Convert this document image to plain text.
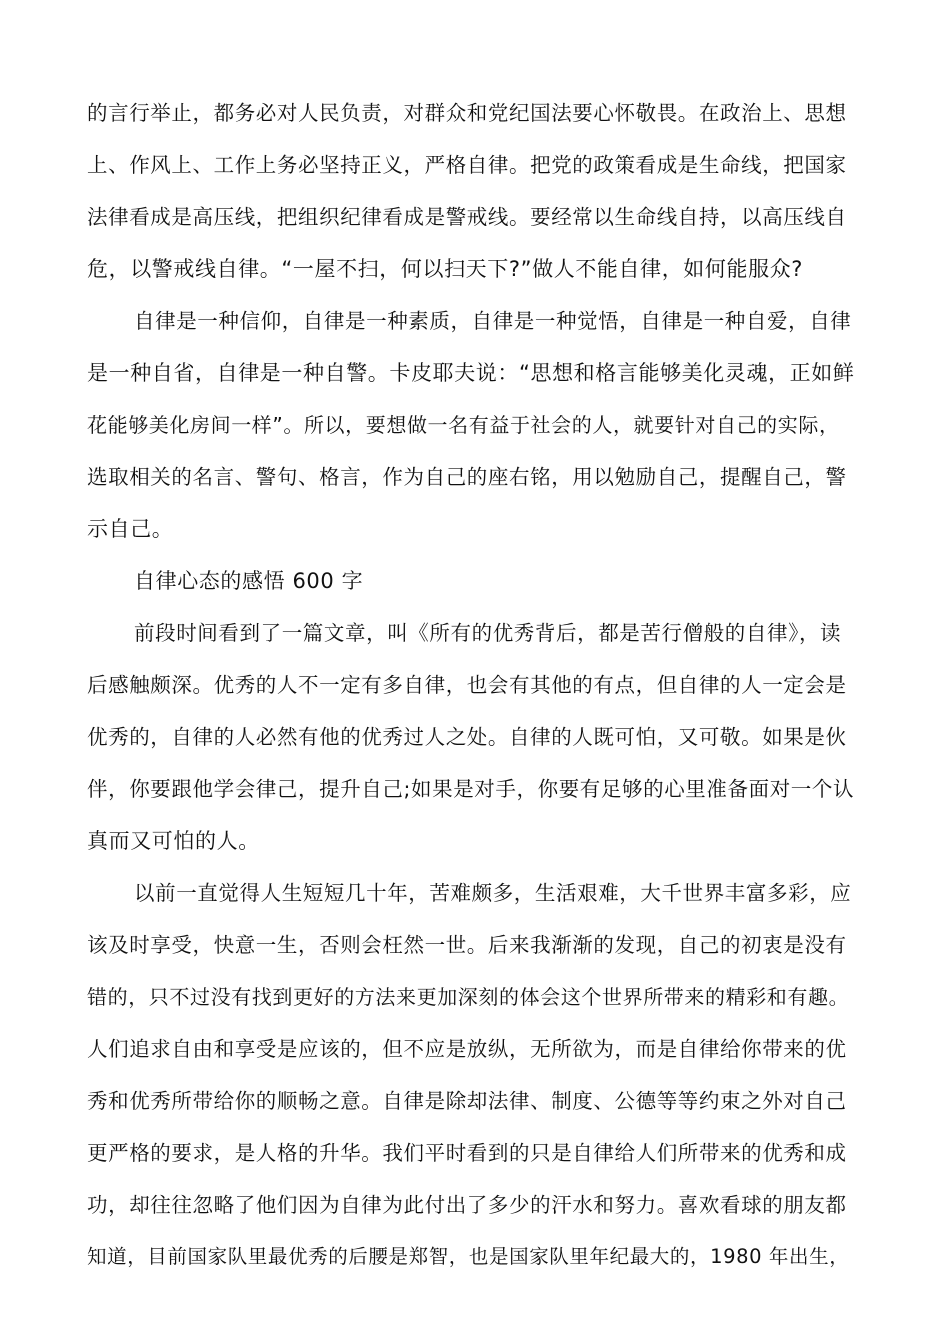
的言行举止，都务必对人民负责，对群众和党纪国法要心怀敬畏。在政治上、思想
上、作风上、工作上务必坚持正义，严格自律。把党的政策看成是生命线，把国家
法律看成是高压线，把组织纪律看成是警戒线。要经常以生命线自持，以高压线自
危，以警戒线自律。“一屋不扫，何以扫天下?”做人不能自律，如何能服众?
自律是一种信仰，自律是一种素质，自律是一种觉悟，自律是一种自爱，自律
是一种自省，自律是一种自警。卡皮耶夫说：“思想和格言能够美化灵魂，正如鲜
花能够美化房间一样”。所以，要想做一名有益于社会的人，就要针对自己的实际，
选取相关的名言、警句、格言，作为自己的座右铭，用以勉励自己，提醒自己，警
示自己。
自律心态的感悟 600 字
前段时间看到了一篇文章，叫《所有的优秀背后，都是苦行僧般的自律》，读
后感触颇深。优秀的人不一定有多自律，也会有其他的有点，但自律的人一定会是
优秀的，自律的人必然有他的优秀过人之处。自律的人既可怕，又可敬。如果是伙
伴，你要跟他学会律己，提升自己;如果是对手，你要有足够的心里准备面对一个认
真而又可怕的人。
以前一直觉得人生短短几十年，苦难颇多，生活艰难，大千世界丰富多彩，应
该及时享受，快意一生，否则会枉然一世。后来我渐渐的发现，自己的初衷是没有
错的，只不过没有找到更好的方法来更加深刻的体会这个世界所带来的精彩和有趣。
人们追求自由和享受是应该的，但不应是放纵，无所欲为，而是自律给你带来的优
秀和优秀所带给你的顺畅之意。自律是除却法律、制度、公德等等约束之外对自己
更严格的要求，是人格的升华。我们平时看到的只是自律给人们所带来的优秀和成
功，却往往忽略了他们因为自律为此付出了多少的汗水和努力。喜欢看球的朋友都
知道，目前国家队里最优秀的后腰是郑智，也是国家队里年纪最大的，1980 年出生，
